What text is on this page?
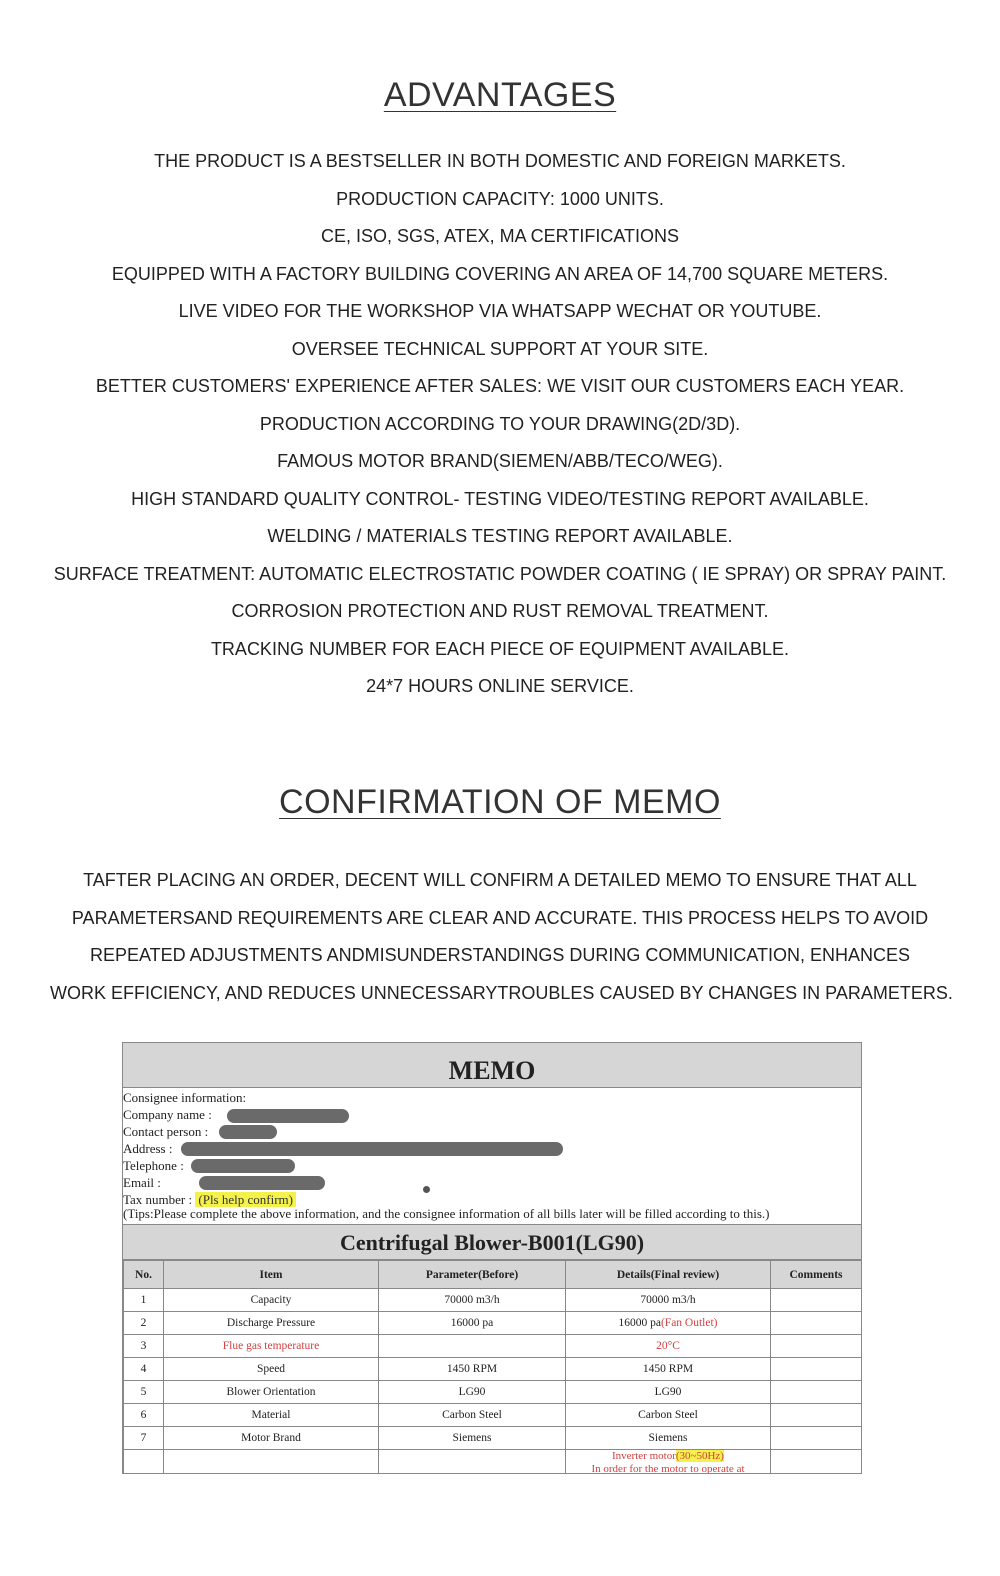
ADVANTAGES
THE PRODUCT IS A BESTSELLER IN BOTH DOMESTIC AND FOREIGN MARKETS.
PRODUCTION CAPACITY: 1000 UNITS.
CE, ISO, SGS, ATEX, MA CERTIFICATIONS
EQUIPPED WITH A FACTORY BUILDING COVERING AN AREA OF 14,700 SQUARE METERS.
LIVE VIDEO FOR THE WORKSHOP VIA WHATSAPP WECHAT OR YOUTUBE.
OVERSEE TECHNICAL SUPPORT AT YOUR SITE.
BETTER CUSTOMERS' EXPERIENCE AFTER SALES: WE VISIT OUR CUSTOMERS EACH YEAR.
PRODUCTION ACCORDING TO YOUR DRAWING(2D/3D).
FAMOUS MOTOR BRAND(SIEMEN/ABB/TECO/WEG).
HIGH STANDARD QUALITY CONTROL- TESTING VIDEO/TESTING REPORT AVAILABLE.
WELDING / MATERIALS TESTING REPORT AVAILABLE.
SURFACE TREATMENT: AUTOMATIC ELECTROSTATIC POWDER COATING ( IE SPRAY) OR SPRAY PAINT.
CORROSION PROTECTION AND RUST REMOVAL TREATMENT.
TRACKING NUMBER FOR EACH PIECE OF EQUIPMENT AVAILABLE.
24*7 HOURS ONLINE SERVICE.
CONFIRMATION OF MEMO
TAFTER PLACING AN ORDER, DECENT WILL CONFIRM A DETAILED MEMO TO ENSURE THAT ALL
PARAMETERSAND REQUIREMENTS ARE CLEAR AND ACCURATE. THIS PROCESS HELPS TO AVOID
REPEATED ADJUSTMENTS ANDMISUNDERSTANDINGS DURING COMMUNICATION, ENHANCES
WORK EFFICIENCY, AND REDUCES UNNECESSARYTROUBLES CAUSED BY CHANGES IN PARAMETERS.
MEMO
Consignee information:
Company name :
Contact person :
Address :
Telephone :
Email :
Tax number : (Pls help confirm)
(Tips:Please complete the above information, and the consignee information of all bills later will be filled according to this.)
Centrifugal Blower-B001(LG90)
No.	Item	Parameter(Before)	Details(Final review)	Comments
1	Capacity	70000 m3/h	70000 m3/h	
2	Discharge Pressure	16000 pa	16000 pa(Fan Outlet)	
3	Flue gas temperature		20°C	
4	Speed	1450 RPM	1450 RPM	
5	Blower Orientation	LG90	LG90	
6	Material	Carbon Steel	Carbon Steel	
7	Motor Brand	Siemens	Siemens	

			Inverter motor(30~50Hz)
In order for the motor to operate at	
